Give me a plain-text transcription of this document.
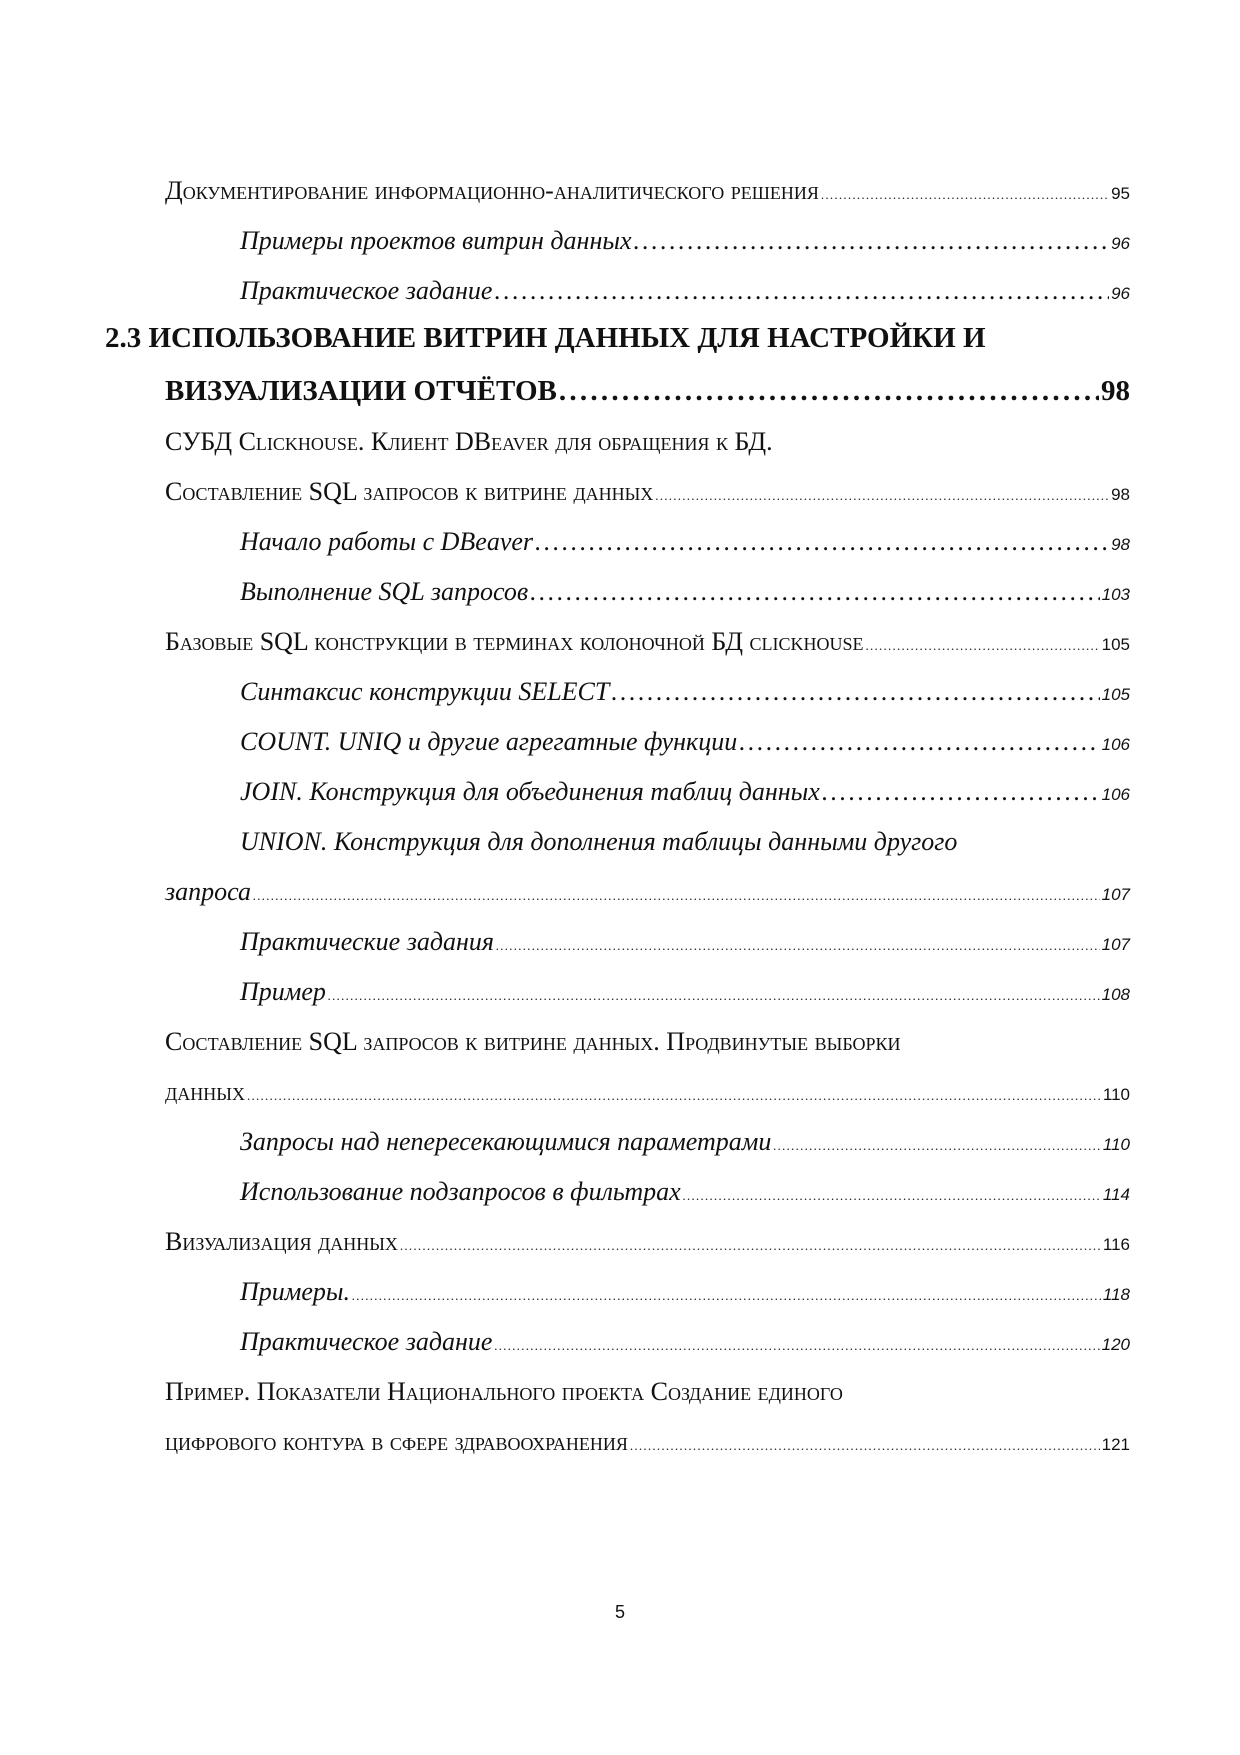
Документирование информационно-аналитического решения . . .	95
Примеры проектов витрин данных . . .	96
Практическое задание . . .	96
2.3 ИСПОЛЬЗОВАНИЕ ВИТРИН ДАННЫХ ДЛЯ НАСТРОЙКИ И
ВИЗУАЛИЗАЦИИ ОТЧЁТОВ . . .	98
СУБД Clickhouse. Клиент DBeaver для обращения к БД.
Составление SQL запросов к витрине данных . . .	98
Начало работы с DBeaver . . .	98
Выполнение SQL запросов . . .	103
Базовые SQL конструкции в терминах колоночной БД clickhouse . . .	105
Синтаксис конструкции SELECT . . .	105
COUNT. UNIQ и другие агрегатные функции . . .	106
JOIN. Конструкция для объединения таблиц данных . . .	106
UNION. Конструкция для дополнения таблицы данными другого
запроса . . .	107
Практические задания . . .	107
Пример . . .	108
Составление SQL запросов к витрине данных. Продвинутые выборки
данных . . .	110
Запросы над непересекающимися параметрами . . .	110
Использование подзапросов в фильтрах . . .	114
Визуализация данных . . .	116
Примеры. . . .	118
Практическое задание . . .	120
Пример. Показатели Национального проекта Создание единого
цифрового контура в сфере здравоохранения . . .	121
5
